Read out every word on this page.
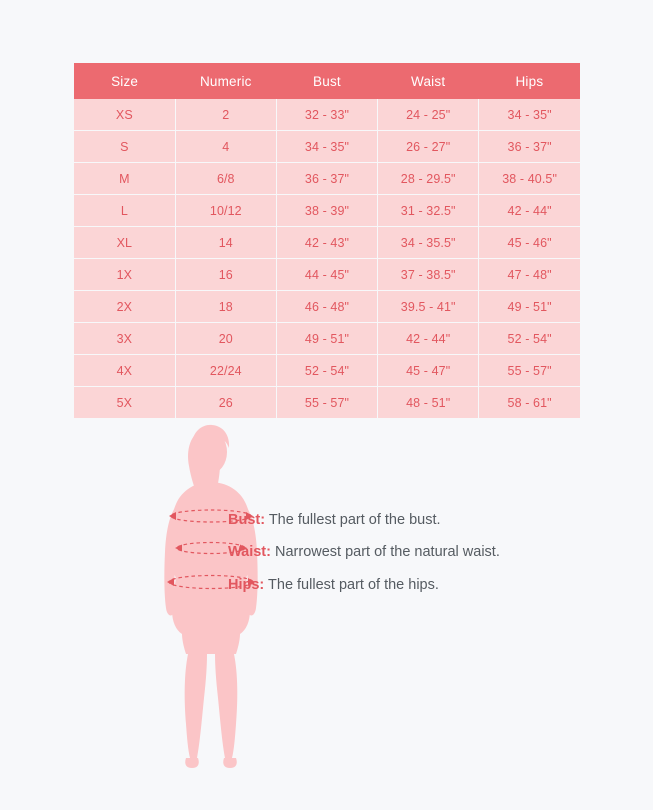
Size	Numeric	Bust	Waist	Hips
XS	2	32 - 33"	24 - 25"	34 - 35"
S	4	34 - 35"	26 - 27"	36 - 37"
M	6/8	36 - 37"	28 - 29.5"	38 - 40.5"
L	10/12	38 - 39"	31 - 32.5"	42 - 44"
XL	14	42 - 43"	34 - 35.5"	45 - 46"
1X	16	44 - 45"	37 - 38.5"	47 - 48"
2X	18	46 - 48"	39.5 - 41"	49 - 51"
3X	20	49 - 51"	42 - 44"	52 - 54"
4X	22/24	52 - 54"	45 - 47"	55 - 57"
5X	26	55 - 57"	48 - 51"	58 - 61"
Bust: The fullest part of the bust.
Waist: Narrowest part of the natural waist.
Hips: The fullest part of the hips.
